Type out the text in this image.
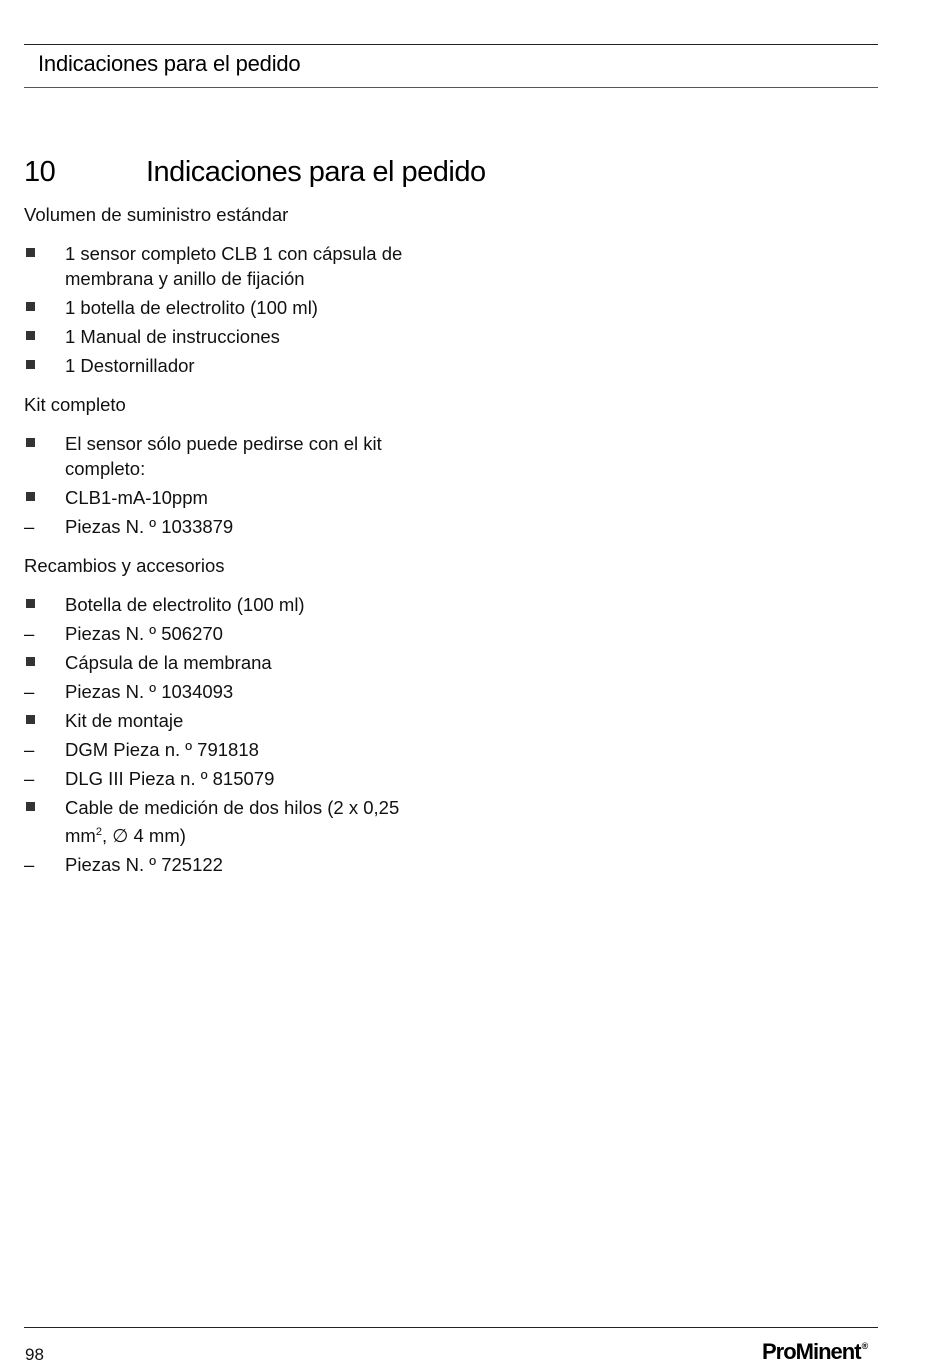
Indicaciones para el pedido
10	Indicaciones para el pedido

Volumen de suministro estándar

1 sensor completo CLB 1 con cápsula de membrana y anillo de fijación
1 botella de electrolito (100 ml)
1 Manual de instrucciones
1 Destornillador

Kit completo

El sensor sólo puede pedirse con el kit completo:
CLB1-mA-10ppm
– Piezas N. º 1033879

Recambios y accesorios

Botella de electrolito (100 ml)
– Piezas N. º 506270
Cápsula de la membrana
– Piezas N. º 1034093
Kit de montaje
– DGM Pieza n. º 791818
– DLG III Pieza n. º 815079
Cable de medición de dos hilos (2 x 0,25 $mm^2$, ∅ 4 mm)
– Piezas N. º 725122
98	ProMinent®
